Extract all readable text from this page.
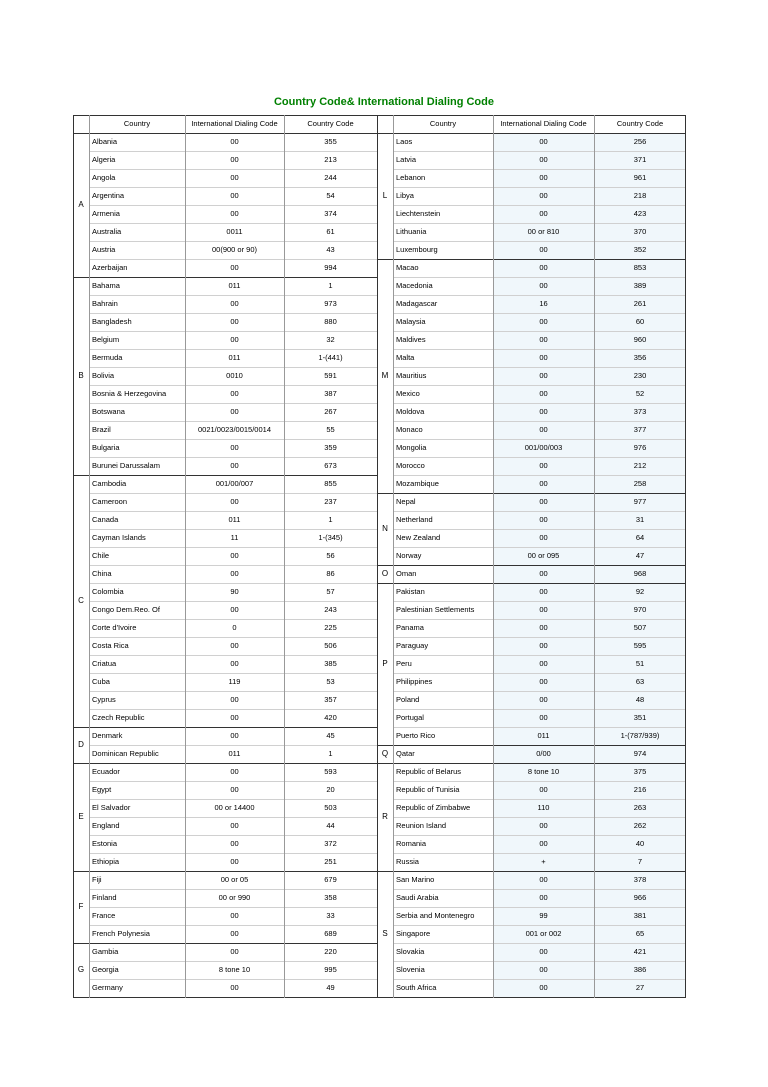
Country Code& International Dialing Code
A
B
C
D
E
F
G
L
M
N
O
P
Q
R
S
Albania	00	355
Algeria	00	213
Angola	00	244
Argentina	00	54
Armenia	00	374
Australia	0011	61
Austria	00(900 or 90)	43
Azerbaijan	00	994
Bahama	011	1
Bahrain	00	973
Bangladesh	00	880
Belgium	00	32
Bermuda	011	1-(441)
Bolivia	0010	591
Bosnia & Herzegovina	00	387
Botswana	00	267
Brazil	0021/0023/0015/0014	55
Bulgaria	00	359
Burunei Darussalam	00	673
Cambodia	001/00/007	855
Cameroon	00	237
Canada	011	1
Cayman Islands	11	1-(345)
Chile	00	56
China	00	86
Colombia	90	57
Congo Dem.Reo. Of	00	243
Corte d'Ivoire	0	225
Costa Rica	00	506
Criatua	00	385
Cuba	119	53
Cyprus	00	357
Czech Republic	00	420
Denmark	00	45
Dominican Republic	011	1
Ecuador	00	593
Egypt	00	20
El Salvador	00 or 14400	503
England	00	44
Estonia	00	372
Ethiopia	00	251
Fiji	00 or 05	679
Finland	00 or 990	358
France	00	33
French Polynesia	00	689
Gambia	00	220
Georgia	8 tone 10	995
Germany	00	49
Laos	00	256
Latvia	00	371
Lebanon	00	961
Libya	00	218
Liechtenstein	00	423
Lithuania	00 or 810	370
Luxembourg	00	352
Macao	00	853
Macedonia	00	389
Madagascar	16	261
Malaysia	00	60
Maldives	00	960
Malta	00	356
Mauritius	00	230
Mexico	00	52
Moldova	00	373
Monaco	00	377
Mongolia	001/00/003	976
Morocco	00	212
Mozambique	00	258
Nepal	00	977
Netherland	00	31
New Zealand	00	64
Norway	00 or 095	47
Oman	00	968
Pakistan	00	92
Palestinian Settlements	00	970
Panama	00	507
Paraguay	00	595
Peru	00	51
Philippines	00	63
Poland	00	48
Portugal	00	351
Puerto Rico	011	1-(787/939)
Qatar	0/00	974
Republic of Belarus	8 tone 10	375
Republic of Tunisia	00	216
Republic of Zimbabwe	110	263
Reunion Island	00	262
Romania	00	40
Russia	+	7
San Marino	00	378
Saudi Arabia	00	966
Serbia and Montenegro	99	381
Singapore	001 or 002	65
Slovakia	00	421
Slovenia	00	386
South Africa	00	27
Country	International Dialing Code	Country Code	Country	International Dialing Code	Country Code
